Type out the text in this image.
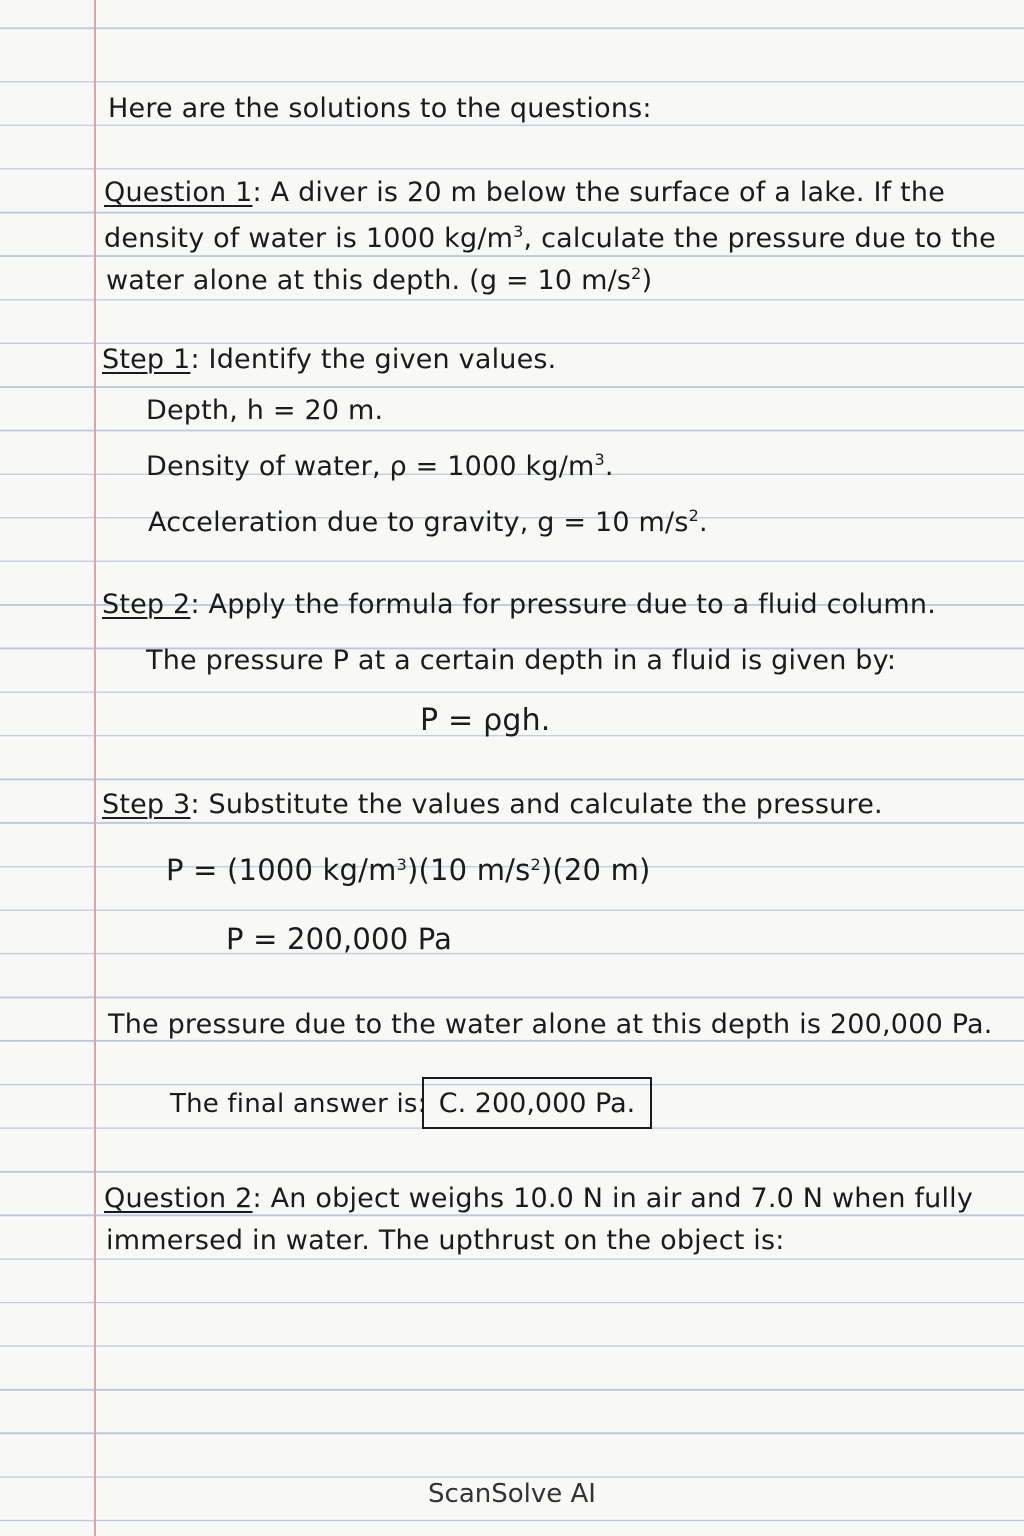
Here are the solutions to the questions:
Question 1: A diver is 20 m below the surface of a lake. If the
density of water is 1000 $kg/m^3$, calculate the pressure due to the
water alone at this depth. (g = 10 $m/s^2$)
Step 1: Identify the given values.
Depth, h = 20 m.
Density of water, ρ = 1000 $kg/m^3$.
Acceleration due to gravity, g = 10 $m/s^2$.
Step 2: Apply the formula for pressure due to a fluid column.
The pressure P at a certain depth in a fluid is given by:
P = ρgh.
Step 3: Substitute the values and calculate the pressure.
P = (1000 $kg/m^3)(10$ $m/s^2)(20$ m)
P = 200,000 Pa
The pressure due to the water alone at this depth is 200,000 Pa.
The final answer is: C. 200,000 Pa.
Question 2: An object weighs 10.0 N in air and 7.0 N when fully
immersed in water. The upthrust on the object is:
ScanSolve AI
